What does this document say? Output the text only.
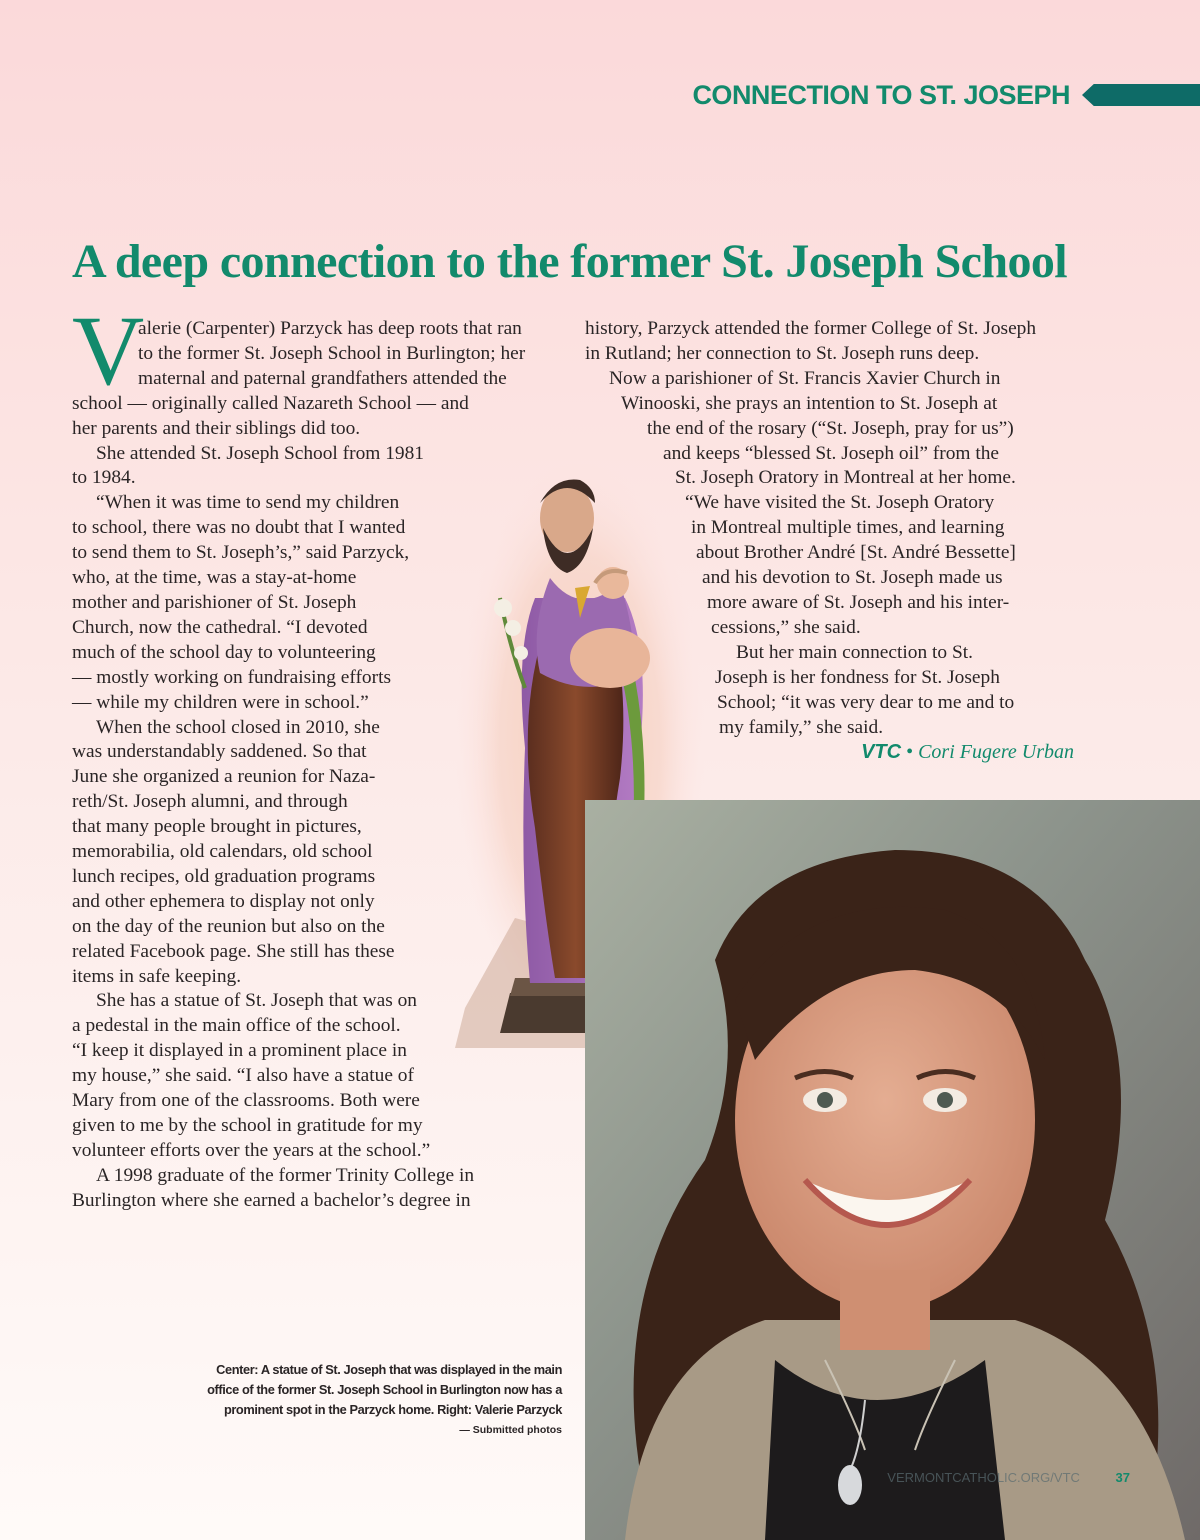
CONNECTION TO ST. JOSEPH
A deep connection to the former St. Joseph School
V
alerie (Carpenter) Parzyck has deep roots that ran
to the former St. Joseph School in Burlington; her
maternal and paternal grandfathers attended the
school — originally called Nazareth School — and
her parents and their siblings did too.
She attended St. Joseph School from 1981
to 1984.
“When it was time to send my children
to school, there was no doubt that I wanted
to send them to St. Joseph’s,” said Parzyck,
who, at the time, was a stay-at-home
mother and parishioner of St. Joseph
Church, now the cathedral. “I devoted
much of the school day to volunteering
— mostly working on fundraising efforts
— while my children were in school.”
When the school closed in 2010, she
was understandably saddened. So that
June she organized a reunion for Naza-
reth/St. Joseph alumni, and through
that many people brought in pictures,
memorabilia, old calendars, old school
lunch recipes, old graduation programs
and other ephemera to display not only
on the day of the reunion but also on the
related Facebook page. She still has these
items in safe keeping.
She has a statue of St. Joseph that was on
a pedestal in the main office of the school.
“I keep it displayed in a prominent place in
my house,” she said. “I also have a statue of
Mary from one of the classrooms. Both were
given to me by the school in gratitude for my
volunteer efforts over the years at the school.”
A 1998 graduate of the former Trinity College in
Burlington where she earned a bachelor’s degree in
history, Parzyck attended the former College of St. Joseph
in Rutland; her connection to St. Joseph runs deep.
Now a parishioner of St. Francis Xavier Church in
Winooski, she prays an intention to St. Joseph at
the end of the rosary (“St. Joseph, pray for us”)
and keeps “blessed St. Joseph oil” from the
St. Joseph Oratory in Montreal at her home.
“We have visited the St. Joseph Oratory
in Montreal multiple times, and learning
about Brother André [St. André Bessette]
and his devotion to St. Joseph made us
more aware of St. Joseph and his inter-
cessions,” she said.
But her main connection to St.
Joseph is her fondness for St. Joseph
School; “it was very dear to me and to
my family,” she said.
VTC • Cori Fugere Urban
Center: A statue of St. Joseph that was displayed in the main
office of the former St. Joseph School in Burlington now has a
prominent spot in the Parzyck home. Right: Valerie Parzyck
— Submitted photos
VERMONTCATHOLIC.ORG/VTC	37
